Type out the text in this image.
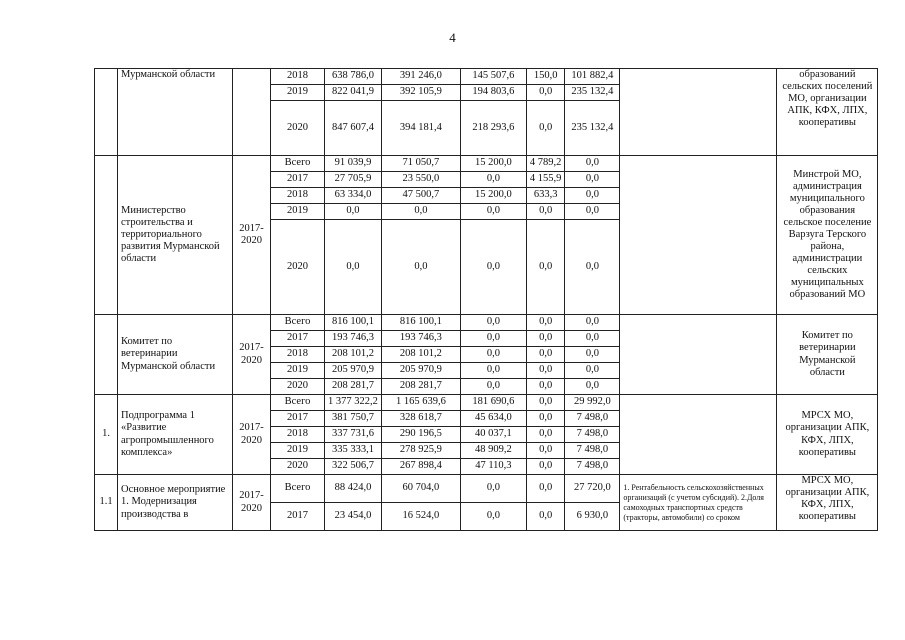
4
	Мурманской области		2018	638 786,0	391 246,0	145 507,6	150,0	101 882,4		образований сельских поселений МО, организации АПК, КФХ, ЛПХ, кооперативы
			2019	822 041,9	392 105,9	194 803,6	0,0	235 132,4		
			2020	847 607,4	394 181,4	218 293,6	0,0	235 132,4		
	Министерство строительства и территориального развития Мурманской области	2017-2020	Всего	91 039,9	71 050,7	15 200,0	4 789,2	0,0		Минстрой МО, администрация муниципального образования сельское поселение Варзуга Терского района, администрации сельских муниципальных образований МО
			2017	27 705,9	23 550,0	0,0	4 155,9	0,0		
			2018	63 334,0	47 500,7	15 200,0	633,3	0,0		
			2019	0,0	0,0	0,0	0,0	0,0		
			2020	0,0	0,0	0,0	0,0	0,0		
	Комитет по ветеринарии Мурманской области	2017-2020	Всего	816 100,1	816 100,1	0,0	0,0	0,0		Комитет по ветеринарии Мурманской области
			2017	193 746,3	193 746,3	0,0	0,0	0,0		
			2018	208 101,2	208 101,2	0,0	0,0	0,0		
			2019	205 970,9	205 970,9	0,0	0,0	0,0		
			2020	208 281,7	208 281,7	0,0	0,0	0,0		
1.	Подпрограмма 1 «Развитие агропромышленного комплекса»	2017-2020	Всего	1 377 322,2	1 165 639,6	181 690,6	0,0	29 992,0		МРСХ МО, организации АПК, КФХ, ЛПХ, кооперативы
			2017	381 750,7	328 618,7	45 634,0	0,0	7 498,0		
			2018	337 731,6	290 196,5	40 037,1	0,0	7 498,0		
			2019	335 333,1	278 925,9	48 909,2	0,0	7 498,0		
			2020	322 506,7	267 898,4	47 110,3	0,0	7 498,0		
1.1	Основное мероприятие 1. Модернизация производства в	2017-2020	Всего	88 424,0	60 704,0	0,0	0,0	27 720,0	1. Рентабельность сельскохозяйственных организаций (с учетом субсидий). 2.Доля самоходных транспортных средств (тракторы, автомобили) со сроком	МРСХ МО, организации АПК, КФХ, ЛПХ, кооперативы
			2017	23 454,0	16 524,0	0,0	0,0	6 930,0		
